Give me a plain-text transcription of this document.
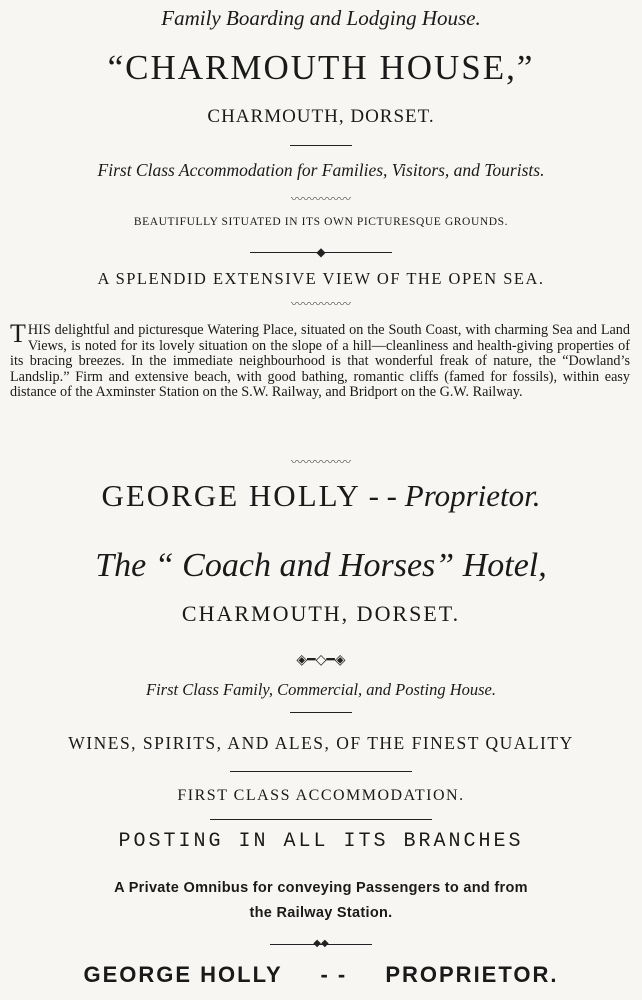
Family Boarding and Lodging House.
“CHARMOUTH HOUSE,”
CHARMOUTH, DORSET.
First Class Accommodation for Families, Visitors, and Tourists.
〰〰〰〰〰
BEAUTIFULLY SITUATED IN ITS OWN PICTURESQUE GROUNDS.
◆
A SPLENDID EXTENSIVE VIEW OF THE OPEN SEA.
〰〰〰〰〰
THIS delightful and picturesque Watering Place, situated on the South Coast, with charming Sea and Land Views, is noted for its lovely situation on the slope of a hill—cleanliness and health-giving properties of its bracing breezes. In the immediate neighbourhood is that wonderful freak of nature, the “Dowland’s Landslip.” Firm and extensive beach, with good bathing, romantic cliffs (famed for fossils), within easy distance of the Axminster Station on the S.W. Railway, and Bridport on the G.W. Railway.
〰〰〰〰〰
GEORGE HOLLY - - Proprietor.
The “ Coach and Horses” Hotel,
CHARMOUTH, DORSET.
◈━◇━◈
First Class Family, Commercial, and Posting House.
WINES, SPIRITS, AND ALES, OF THE FINEST QUALITY
FIRST CLASS ACCOMMODATION.
POSTING IN ALL ITS BRANCHES
A Private Omnibus for conveying Passengers to and from
the Railway Station.
◆◆
GEORGE HOLLY - - PROPRIETOR.
